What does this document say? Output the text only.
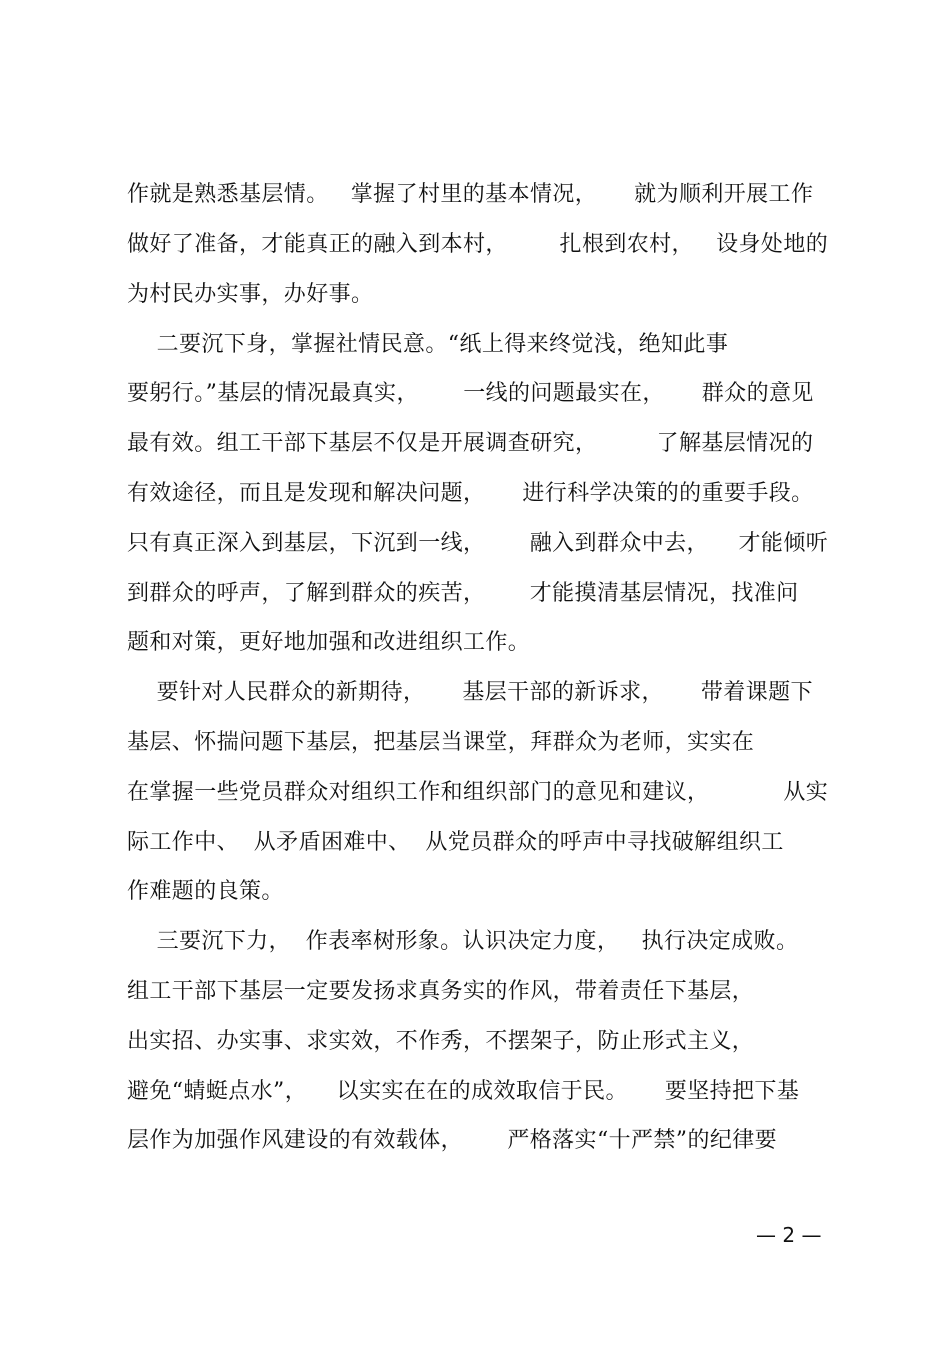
作就是熟悉基层情。   掌握了村里的基本情况，     就为顺利开展工作
做好了准备，才能真正的融入到本村，       扎根到农村，   设身处地的
为村民办实事，办好事。
二要沉下身，掌握社情民意。“纸上得来终觉浅，绝知此事
要躬行。”基层的情况最真实，      一线的问题最实在，     群众的意见
最有效。组工干部下基层不仅是开展调查研究，        了解基层情况的
有效途径，而且是发现和解决问题，     进行科学决策的的重要手段。
只有真正深入到基层，下沉到一线，      融入到群众中去，    才能倾听
到群众的呼声，了解到群众的疾苦，      才能摸清基层情况，找准问
题和对策，更好地加强和改进组织工作。
要针对人民群众的新期待，     基层干部的新诉求，     带着课题下
基层、怀揣问题下基层，把基层当课堂，拜群众为老师，实实在
在掌握一些党员群众对组织工作和组织部门的意见和建议，          从实
际工作中、  从矛盾困难中、  从党员群众的呼声中寻找破解组织工
作难题的良策。
三要沉下力，  作表率树形象。认识决定力度，   执行决定成败。
组工干部下基层一定要发扬求真务实的作风，带着责任下基层，
出实招、办实事、求实效，不作秀，不摆架子，防止形式主义，
避免“蜻蜓点水”，    以实实在在的成效取信于民。     要坚持把下基
层作为加强作风建设的有效载体，      严格落实“十严禁”的纪律要
— 2 —
